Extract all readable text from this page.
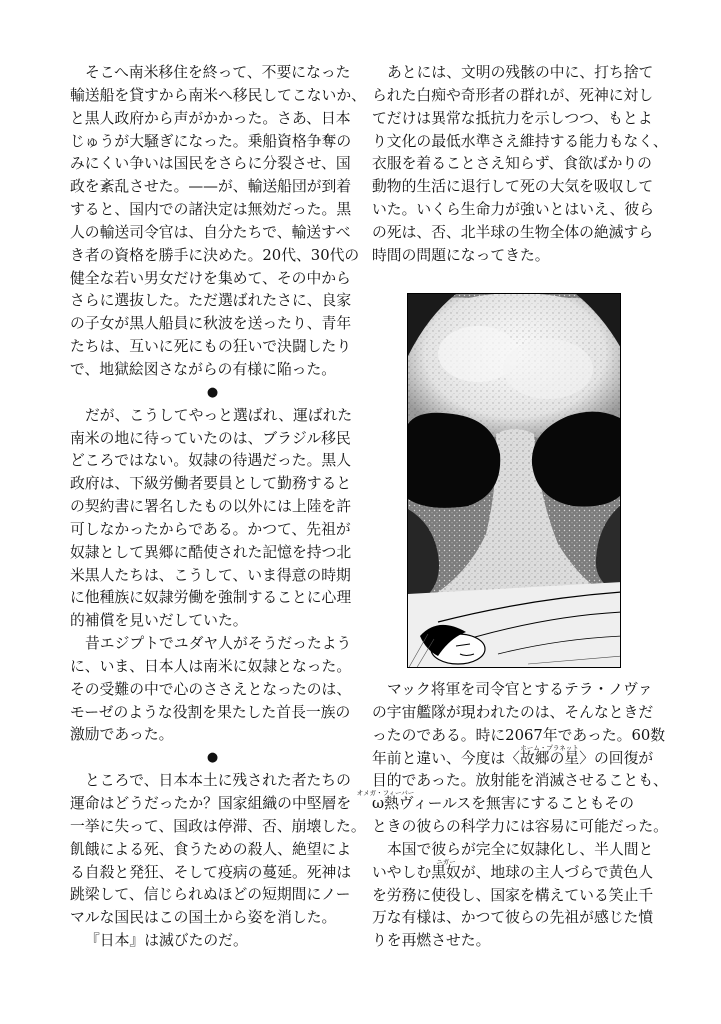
そこへ南米移住を終って、不要になった
輸送船を貸すから南米へ移民してこないか、
と黒人政府から声がかかった。さあ、日本
じゅうが大騒ぎになった。乗船資格争奪の
みにくい争いは国民をさらに分裂させ、国
政を紊乱させた。——が、輸送船団が到着
すると、国内での諸決定は無効だった。黒
人の輸送司令官は、自分たちで、輸送すべ
き者の資格を勝手に決めた。20代、30代の
健全な若い男女だけを集めて、その中から
さらに選抜した。ただ選ばれたさに、良家
の子女が黒人船員に秋波を送ったり、青年
たちは、互いに死にもの狂いで決闘したり
で、地獄絵図さながらの有様に陥った。
●
だが、こうしてやっと選ばれ、運ばれた
南米の地に待っていたのは、ブラジル移民
どころではない。奴隷の待遇だった。黒人
政府は、下級労働者要員として勤務すると
の契約書に署名したもの以外には上陸を許
可しなかったからである。かつて、先祖が
奴隷として異郷に酷使された記憶を持つ北
米黒人たちは、こうして、いま得意の時期
に他種族に奴隷労働を強制することに心理
的補償を見いだしていた。
昔エジプトでユダヤ人がそうだったよう
に、いま、日本人は南米に奴隷となった。
その受難の中で心のささえとなったのは、
モーゼのような役割を果たした首長一族の
激励であった。
●
ところで、日本本土に残された者たちの
運命はどうだったか？国家組織の中堅層を
一挙に失って、国政は停滞、否、崩壊した。
飢餓による死、食うための殺人、絶望によ
る自殺と発狂、そして疫病の蔓延。死神は
跳梁して、信じられぬほどの短期間にノー
マルな国民はこの国土から姿を消した。
『日本』は滅びたのだ。
あとには、文明の残骸の中に、打ち捨て
られた白痴や奇形者の群れが、死神に対し
てだけは異常な抵抗力を示しつつ、もとよ
り文化の最低水準さえ維持する能力もなく、
衣服を着ることさえ知らず、食欲ばかりの
動物的生活に退行して死の大気を吸収して
いた。いくら生命力が強いとはいえ、彼ら
の死は、否、北半球の生物全体の絶滅すら
時間の問題になってきた。
マック将軍を司令官とするテラ・ノヴァ
の宇宙艦隊が現われたのは、そんなときだ
ったのである。時に2067年であった。60数
年前と違い、今度は〈
ホーム・プラネット
故郷の星〉の回復が
目的であった。放射能を消滅させることも、
オメガ・フィーバー
ω熱ヴィールスを無害にすることもその
ときの彼らの科学力には容易に可能だった。
本国で彼らが完全に奴隷化し、半人間と
いやしむ
ニガー
黒奴が、地球の主人づらで黄色人
を労務に使役し、国家を構えている笑止千
万な有様は、かつて彼らの先祖が感じた憤
りを再燃させた。
